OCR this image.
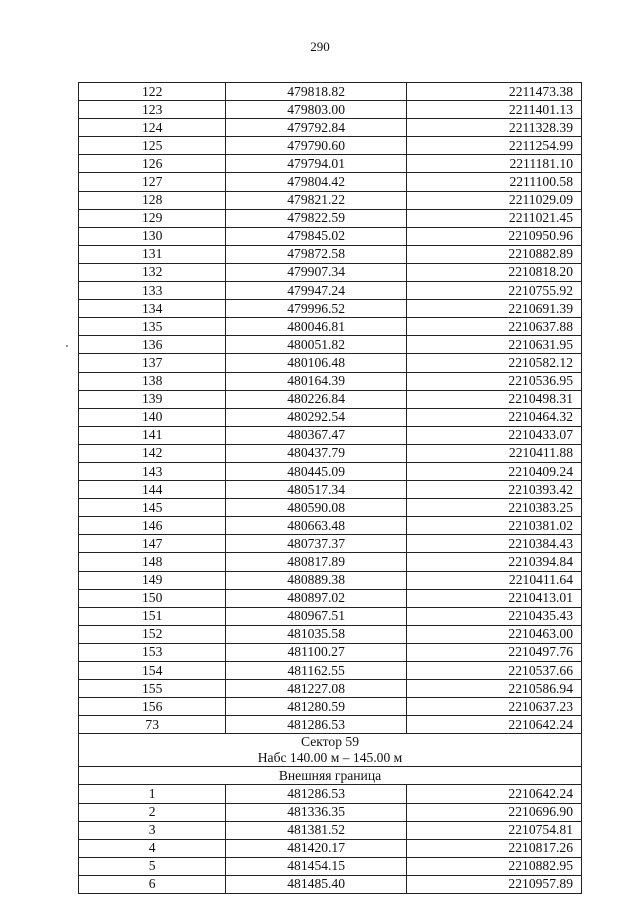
290
122	479818.82	2211473.38
123	479803.00	2211401.13
124	479792.84	2211328.39
125	479790.60	2211254.99
126	479794.01	2211181.10
127	479804.42	2211100.58
128	479821.22	2211029.09
129	479822.59	2211021.45
130	479845.02	2210950.96
131	479872.58	2210882.89
132	479907.34	2210818.20
133	479947.24	2210755.92
134	479996.52	2210691.39
135	480046.81	2210637.88
136	480051.82	2210631.95
137	480106.48	2210582.12
138	480164.39	2210536.95
139	480226.84	2210498.31
140	480292.54	2210464.32
141	480367.47	2210433.07
142	480437.79	2210411.88
143	480445.09	2210409.24
144	480517.34	2210393.42
145	480590.08	2210383.25
146	480663.48	2210381.02
147	480737.37	2210384.43
148	480817.89	2210394.84
149	480889.38	2210411.64
150	480897.02	2210413.01
151	480967.51	2210435.43
152	481035.58	2210463.00
153	481100.27	2210497.76
154	481162.55	2210537.66
155	481227.08	2210586.94
156	481280.59	2210637.23
73	481286.53	2210642.24

Сектор 59
Набс 140.00 м – 145.00 м		

Внешняя граница		
1	481286.53	2210642.24
2	481336.35	2210696.90
3	481381.52	2210754.81
4	481420.17	2210817.26
5	481454.15	2210882.95
6	481485.40	2210957.89
